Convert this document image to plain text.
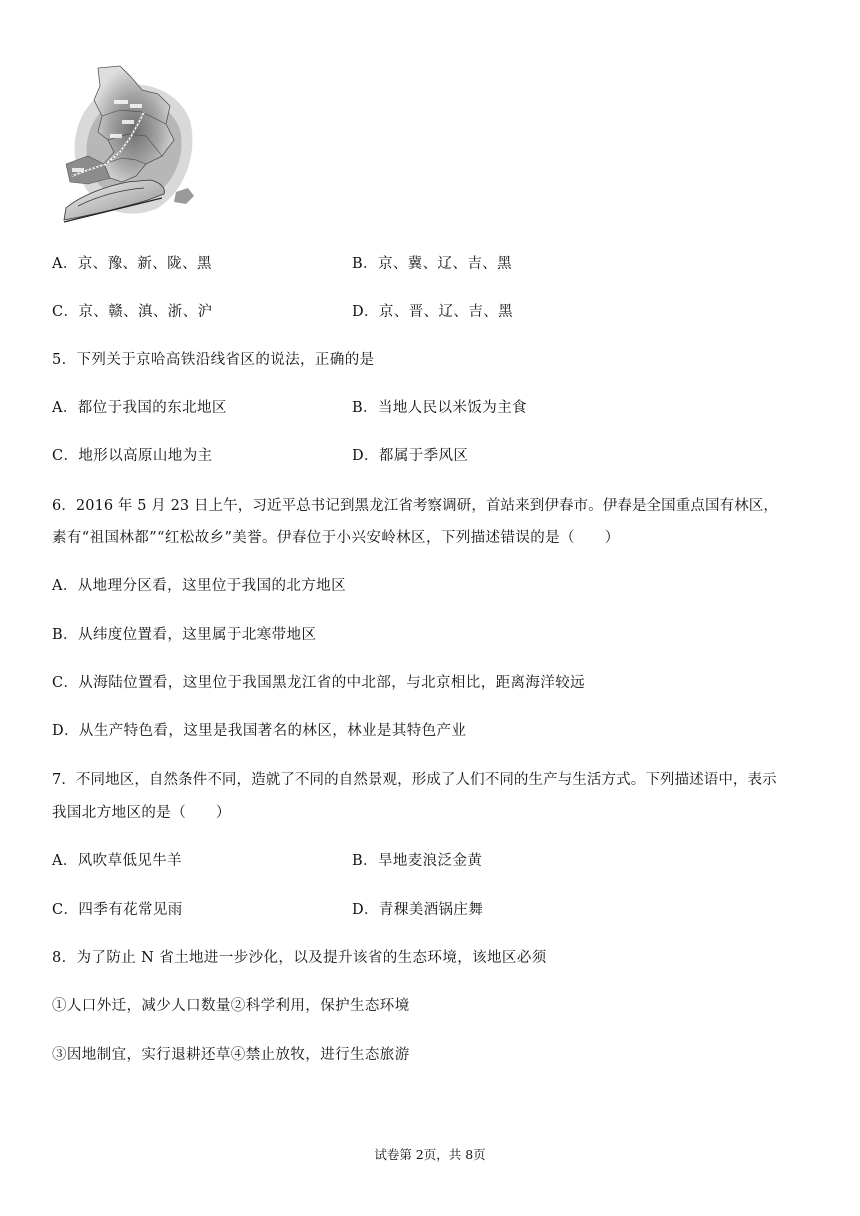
A．京、豫、新、陇、黑	B．京、冀、辽、吉、黑
C．京、赣、滇、浙、沪	D．京、晋、辽、吉、黑
5．下列关于京哈高铁沿线省区的说法，正确的是
A．都位于我国的东北地区	B．当地人民以米饭为主食
C．地形以高原山地为主	D．都属于季风区
6．2016 年 5 月 23 日上午，习近平总书记到黑龙江省考察调研，首站来到伊春市。伊春是全国重点国有林区，
素有“祖国林都”“红松故乡”美誉。伊春位于小兴安岭林区，下列描述错误的是（　　）
A．从地理分区看，这里位于我国的北方地区
B．从纬度位置看，这里属于北寒带地区
C．从海陆位置看，这里位于我国黑龙江省的中北部，与北京相比，距离海洋较远
D．从生产特色看，这里是我国著名的林区，林业是其特色产业
7．不同地区，自然条件不同，造就了不同的自然景观，形成了人们不同的生产与生活方式。下列描述语中，表示
我国北方地区的是（　　）
A．风吹草低见牛羊	B．旱地麦浪泛金黄
C．四季有花常见雨	D．青稞美酒锅庄舞
8．为了防止 N 省土地进一步沙化，以及提升该省的生态环境，该地区必须
①人口外迁，减少人口数量②科学利用，保护生态环境
③因地制宜，实行退耕还草④禁止放牧，进行生态旅游
试卷第 2页，共 8页
